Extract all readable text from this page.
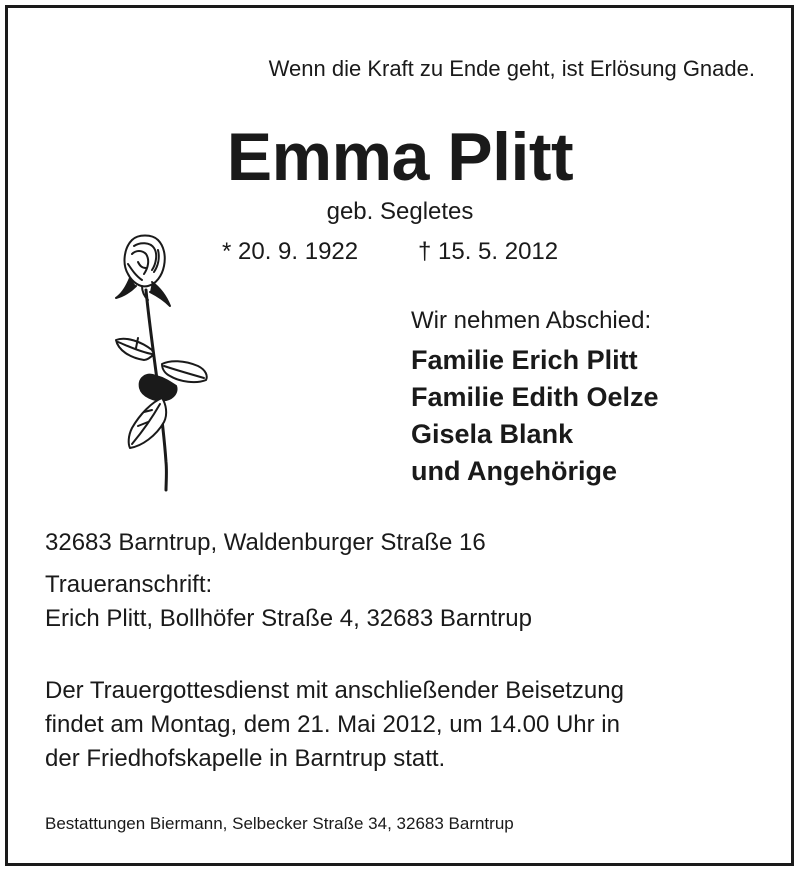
Wenn die Kraft zu Ende geht, ist Erlösung Gnade.
Emma Plitt
geb. Segletes
* 20. 9. 1922 † 15. 5. 2012
Wir nehmen Abschied:
Familie Erich Plitt
Familie Edith Oelze
Gisela Blank
und Angehörige
32683 Barntrup, Waldenburger Straße 16
Traueranschrift:
Erich Plitt, Bollhöfer Straße 4, 32683 Barntrup
Der Trauergottesdienst mit anschließender Beisetzung
findet am Montag, dem 21. Mai 2012, um 14.00 Uhr in
der Friedhofskapelle in Barntrup statt.
Bestattungen Biermann, Selbecker Straße 34, 32683 Barntrup
